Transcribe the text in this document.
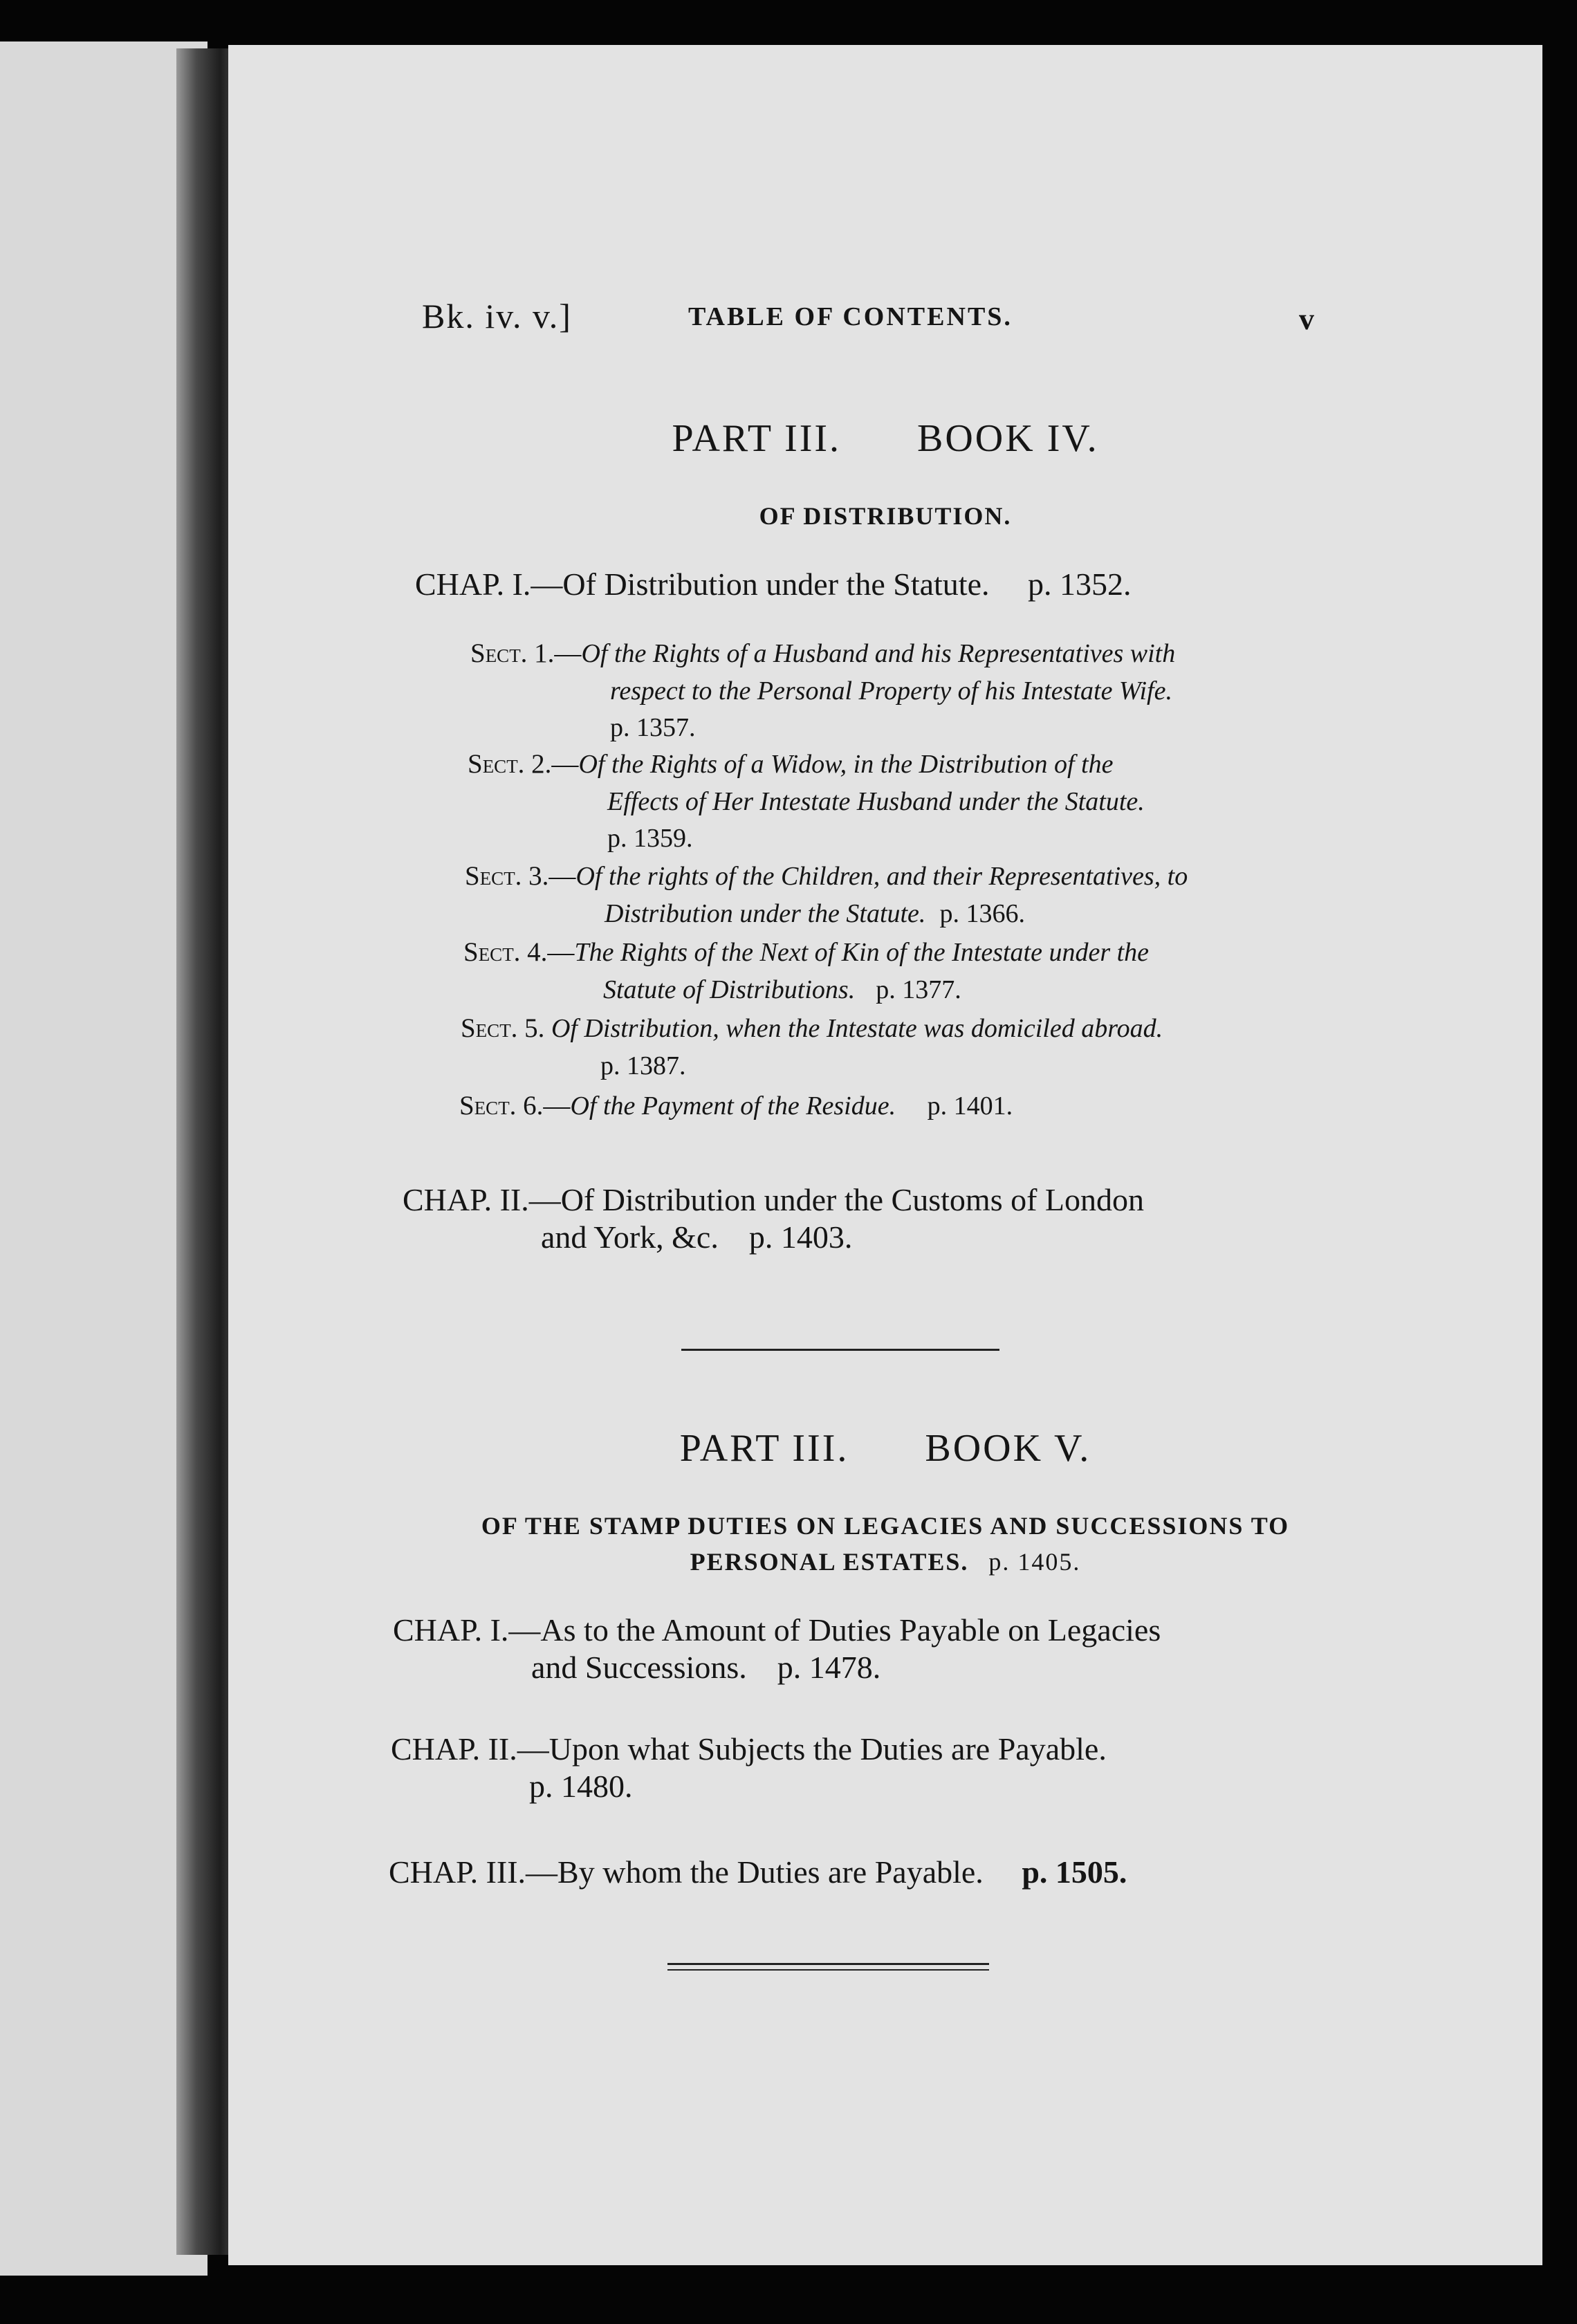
Bk. iv. v.]	TABLE OF CONTENTS.	v
PART III. BOOK IV.
OF DISTRIBUTION.
CHAP. I.—Of Distribution under the Statute. p. 1352.
Sect. 1.—Of the Rights of a Husband and his Representatives with
respect to the Personal Property of his Intestate Wife.
p. 1357.
Sect. 2.—Of the Rights of a Widow, in the Distribution of the
Effects of Her Intestate Husband under the Statute.
p. 1359.
Sect. 3.—Of the rights of the Children, and their Representatives, to
Distribution under the Statute. p. 1366.
Sect. 4.—The Rights of the Next of Kin of the Intestate under the
Statute of Distributions. p. 1377.
Sect. 5. Of Distribution, when the Intestate was domiciled abroad.
p. 1387.
Sect. 6.—Of the Payment of the Residue. p. 1401.
CHAP. II.—Of Distribution under the Customs of London
and York, &c. p. 1403.
PART III. BOOK V.
OF THE STAMP DUTIES ON LEGACIES AND SUCCESSIONS TO
PERSONAL ESTATES. p. 1405.
CHAP. I.—As to the Amount of Duties Payable on Legacies
and Successions. p. 1478.
CHAP. II.—Upon what Subjects the Duties are Payable.
p. 1480.
CHAP. III.—By whom the Duties are Payable. p. 1505.
